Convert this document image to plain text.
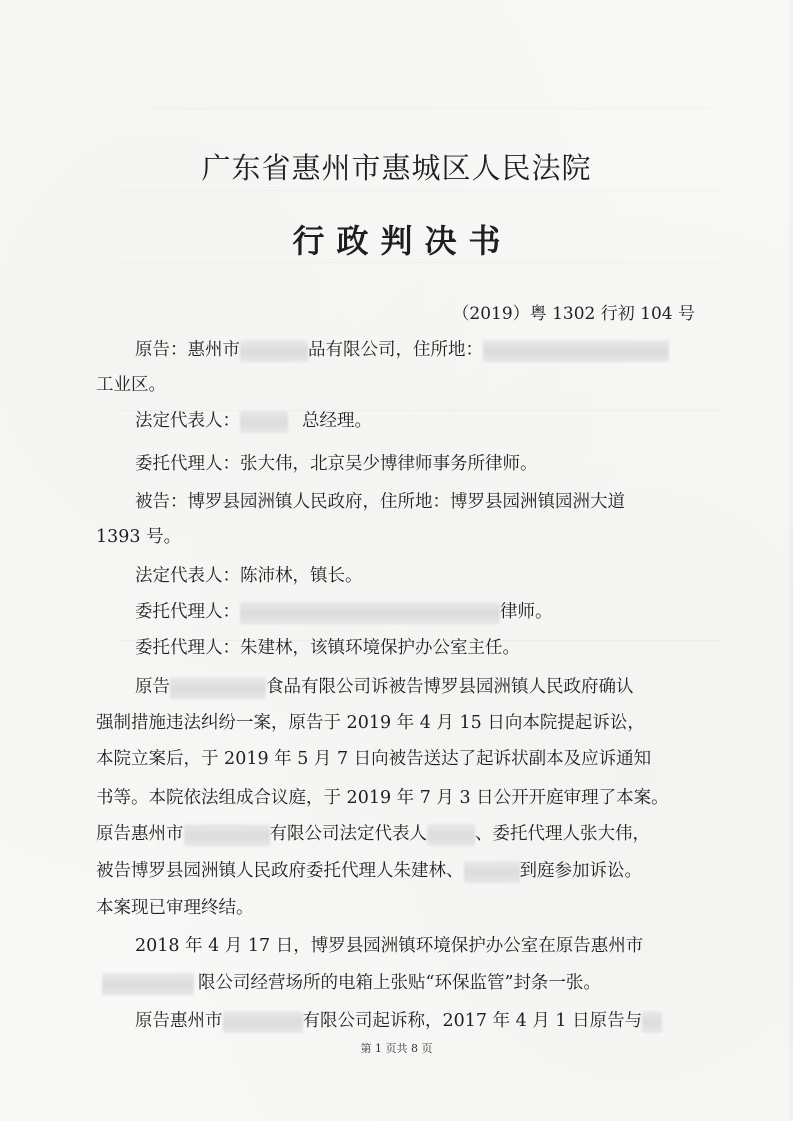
广东省惠州市惠城区人民法院
行政判决书
（2019）粤 1302 行初 104 号
原告：惠州市	品有限公司，住所地：
工业区。
法定代表人：	总经理。
委托代理人：张大伟，北京吴少博律师事务所律师。
被告：博罗县园洲镇人民政府，住所地：博罗县园洲镇园洲大道
1393 号。
法定代表人：陈沛林，镇长。
委托代理人：	律师。
委托代理人：朱建林，该镇环境保护办公室主任。
原告	食品有限公司诉被告博罗县园洲镇人民政府确认
强制措施违法纠纷一案，原告于 2019 年 4 月 15 日向本院提起诉讼，
本院立案后，于 2019 年 5 月 7 日向被告送达了起诉状副本及应诉通知
书等。本院依法组成合议庭，于 2019 年 7 月 3 日公开开庭审理了本案。
原告惠州市	有限公司法定代表人	、委托代理人张大伟，
被告博罗县园洲镇人民政府委托代理人朱建林、	到庭参加诉讼。
本案现已审理终结。
2018 年 4 月 17 日，博罗县园洲镇环境保护办公室在原告惠州市
限公司经营场所的电箱上张贴“环保监管”封条一张。
原告惠州市	有限公司起诉称，2017 年 4 月 1 日原告与
第 1 页共 8 页
